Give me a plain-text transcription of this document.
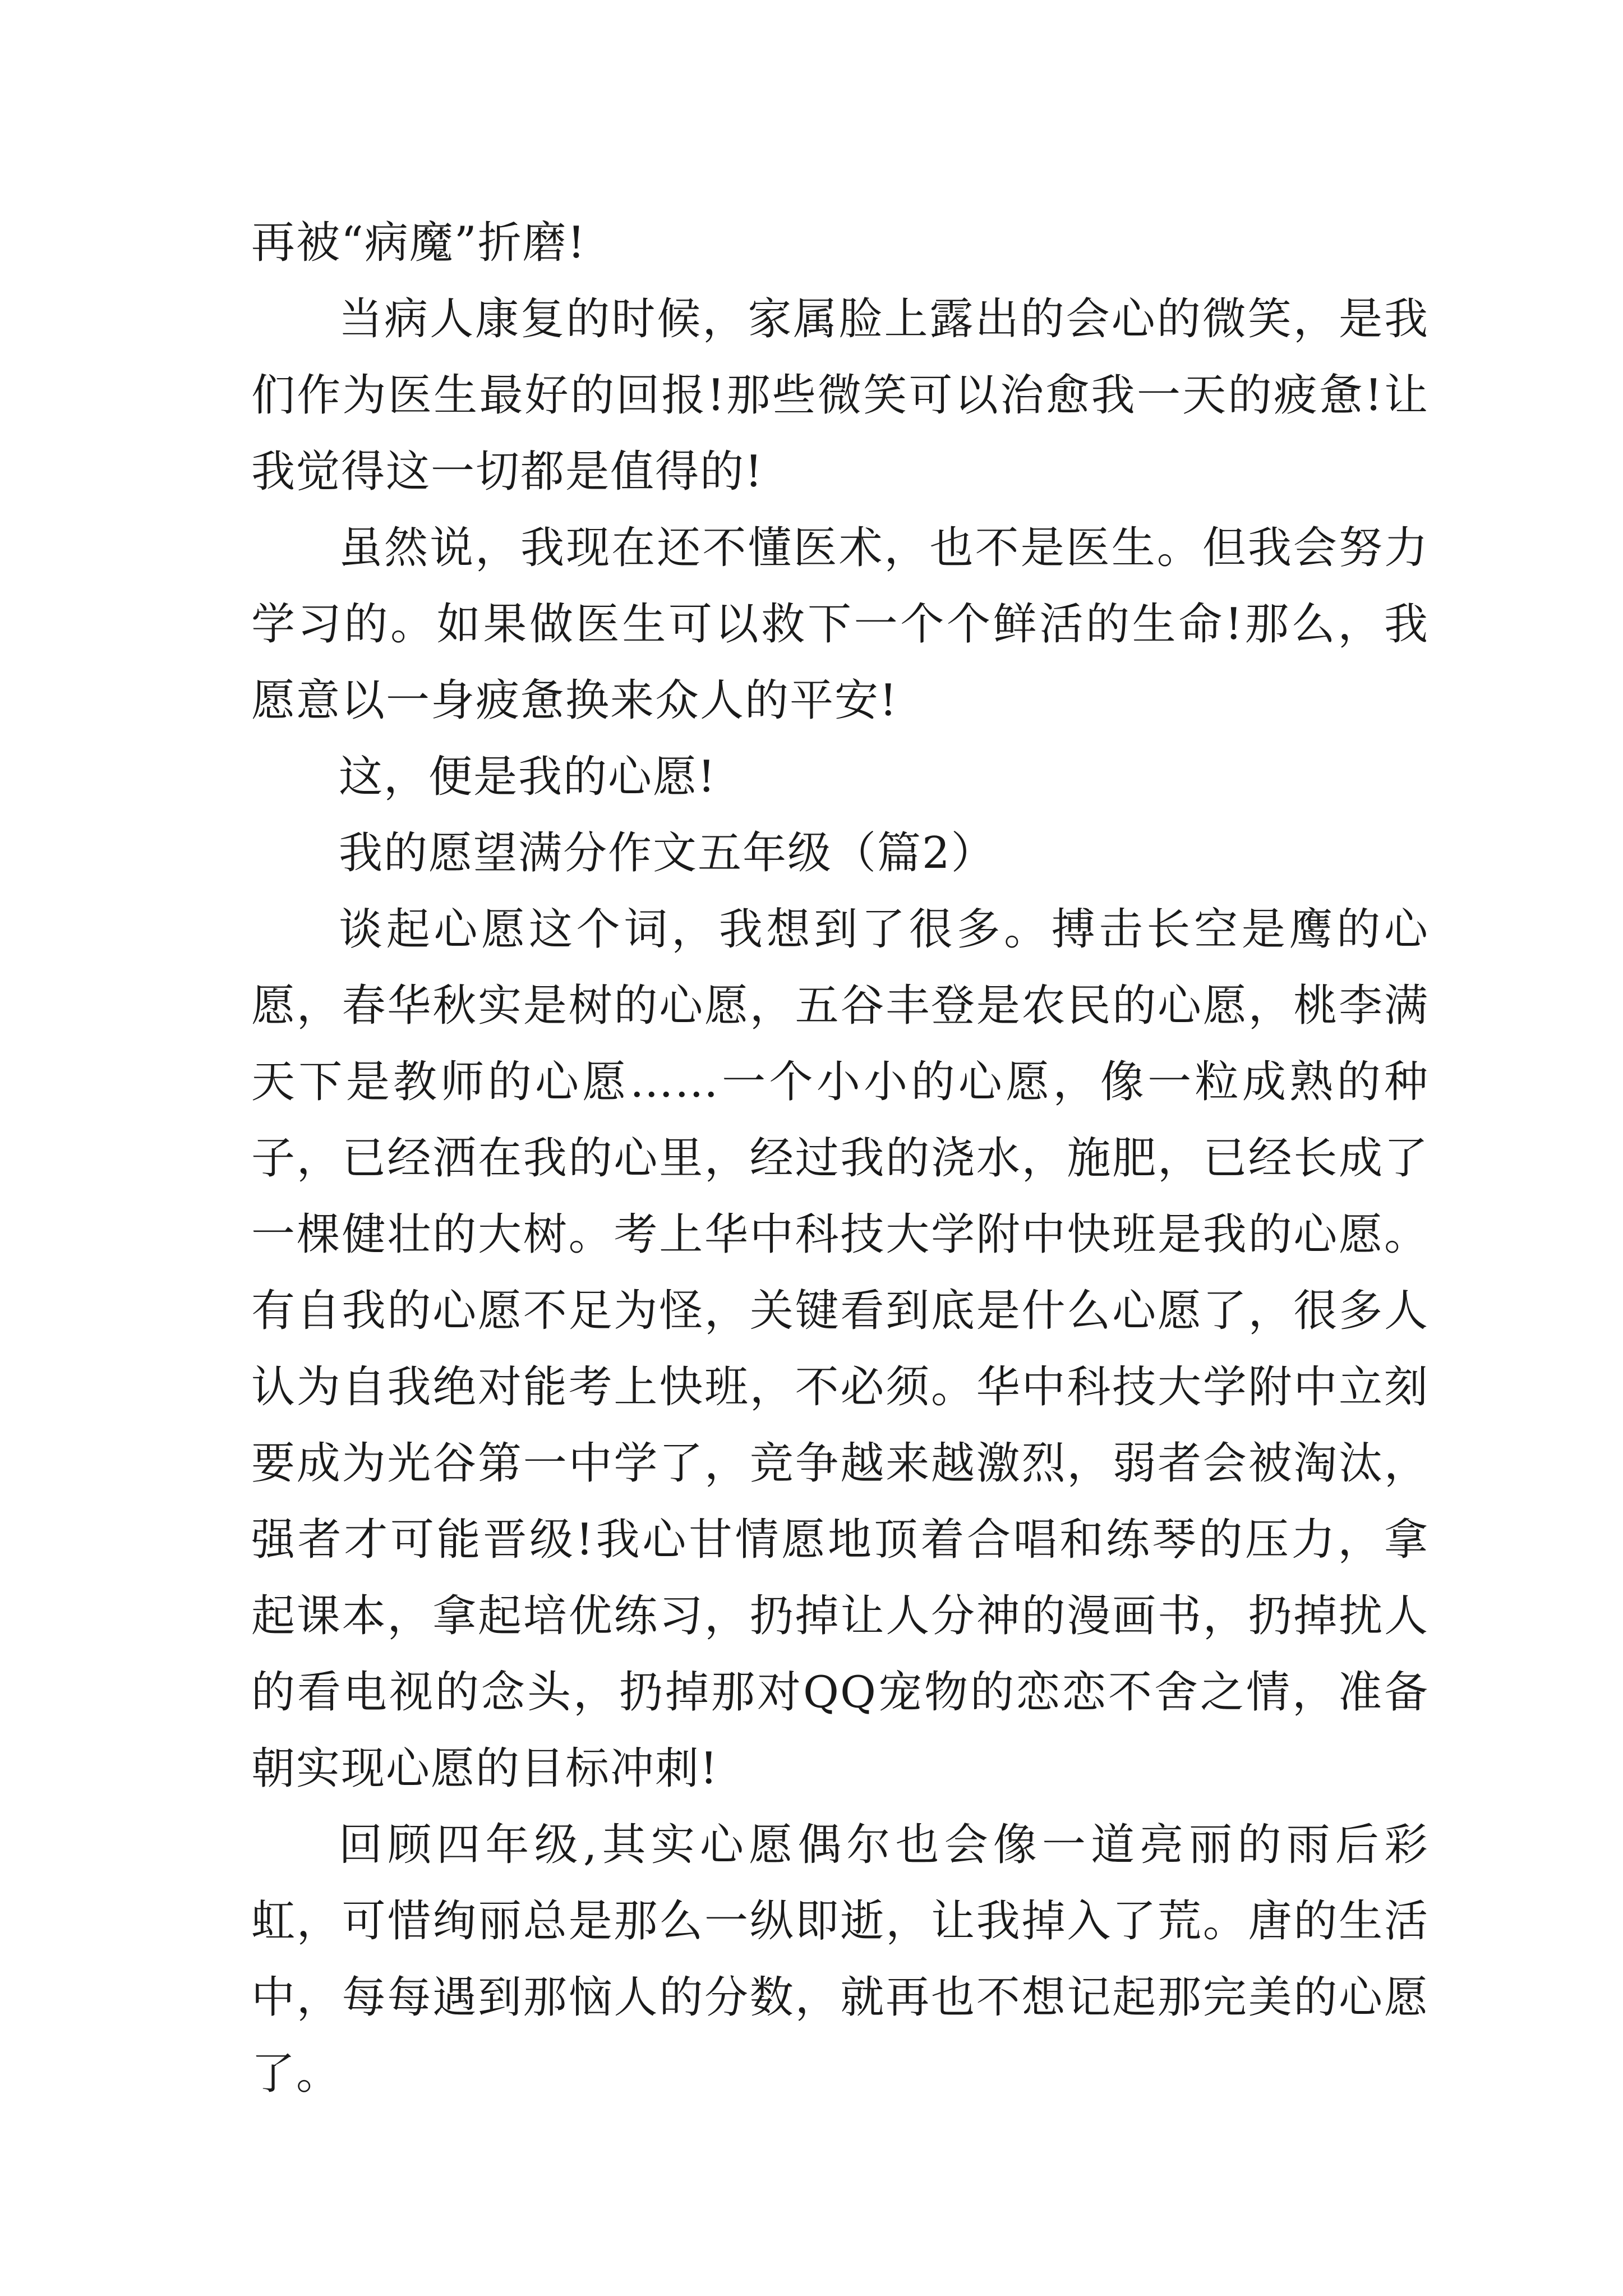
再被“病魔”折磨!

当病人康复的时候，家属脸上露出的会心的微笑，是我们作为医生最好的回报!那些微笑可以治愈我一天的疲惫!让我觉得这一切都是值得的!

虽然说，我现在还不懂医术，也不是医生。但我会努力学习的。如果做医生可以救下一个个鲜活的生命!那么，我愿意以一身疲惫换来众人的平安!

这，便是我的心愿!

我的愿望满分作文五年级（篇2）

谈起心愿这个词，我想到了很多。搏击长空是鹰的心愿，春华秋实是树的心愿，五谷丰登是农民的心愿，桃李满天下是教师的心愿……一个小小的心愿，像一粒成熟的种子，已经洒在我的心里，经过我的浇水，施肥，已经长成了一棵健壮的大树。考上华中科技大学附中快班是我的心愿。有自我的心愿不足为怪，关键看到底是什么心愿了，很多人认为自我绝对能考上快班，不必须。华中科技大学附中立刻要成为光谷第一中学了，竞争越来越激烈，弱者会被淘汰，强者才可能晋级!我心甘情愿地顶着合唱和练琴的压力，拿起课本，拿起培优练习，扔掉让人分神的漫画书，扔掉扰人的看电视的念头，扔掉那对QQ宠物的恋恋不舍之情，准备朝实现心愿的目标冲刺!

回顾四年级,其实心愿偶尔也会像一道亮丽的雨后彩虹，可惜绚丽总是那么一纵即逝，让我掉入了荒。唐的生活中，每每遇到那恼人的分数，就再也不想记起那完美的心愿了。
